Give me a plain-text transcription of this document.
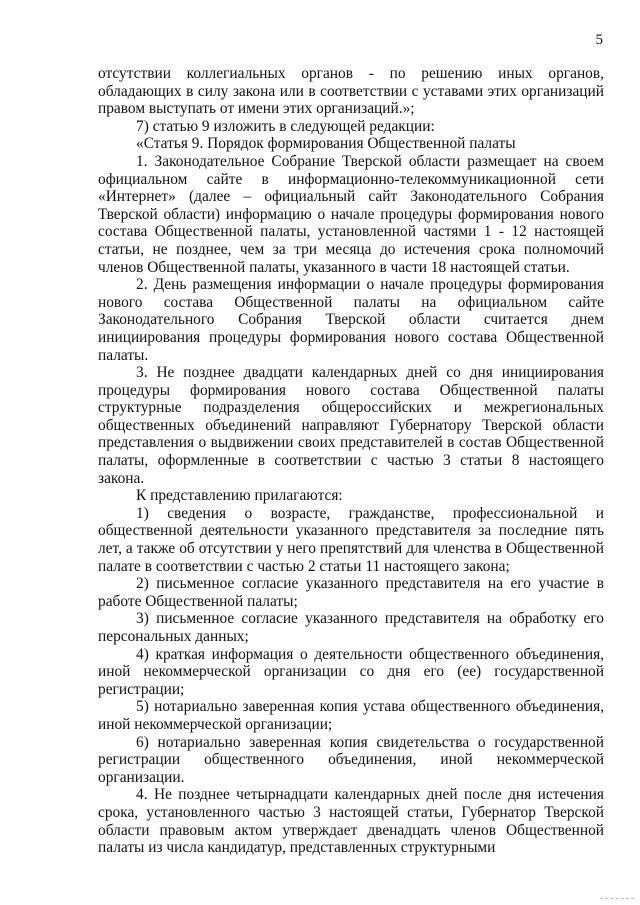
5

отсутствии коллегиальных органов - по решению иных органов, обладающих в силу закона или в соответствии с уставами этих организаций правом выступать от имени этих организаций.»;

7) статью 9 изложить в следующей редакции:

«Статья 9. Порядок формирования Общественной палаты

1. Законодательное Собрание Тверской области размещает на своем официальном сайте в информационно-телекоммуникационной сети «Интернет» (далее – официальный сайт Законодательного Собрания Тверской области) информацию о начале процедуры формирования нового состава Общественной палаты, установленной частями 1 - 12 настоящей статьи, не позднее, чем за три месяца до истечения срока полномочий членов Общественной палаты, указанного в части 18 настоящей статьи.

2. День размещения информации о начале процедуры формирования нового состава Общественной палаты на официальном сайте Законодательного Собрания Тверской области считается днем инициирования процедуры формирования нового состава Общественной палаты.

3. Не позднее двадцати календарных дней со дня инициирования процедуры формирования нового состава Общественной палаты структурные подразделения общероссийских и межрегиональных общественных объединений направляют Губернатору Тверской области представления о выдвижении своих представителей в состав Общественной палаты, оформленные в соответствии с частью 3 статьи 8 настоящего закона.

К представлению прилагаются:

1) сведения о возрасте, гражданстве, профессиональной и общественной деятельности указанного представителя за последние пять лет, а также об отсутствии у него препятствий для членства в Общественной палате в соответствии с частью 2 статьи 11 настоящего закона;

2) письменное согласие указанного представителя на его участие в работе Общественной палаты;

3) письменное согласие указанного представителя на обработку его персональных данных;

4) краткая информация о деятельности общественного объединения, иной некоммерческой организации со дня его (ее) государственной регистрации;

5) нотариально заверенная копия устава общественного объединения, иной некоммерческой организации;

6) нотариально заверенная копия свидетельства о государственной регистрации общественного объединения, иной некоммерческой организации.

4. Не позднее четырнадцати календарных дней после дня истечения срока, установленного частью 3 настоящей статьи, Губернатор Тверской области правовым актом утверждает двенадцать членов Общественной палаты из числа кандидатур, представленных структурными
